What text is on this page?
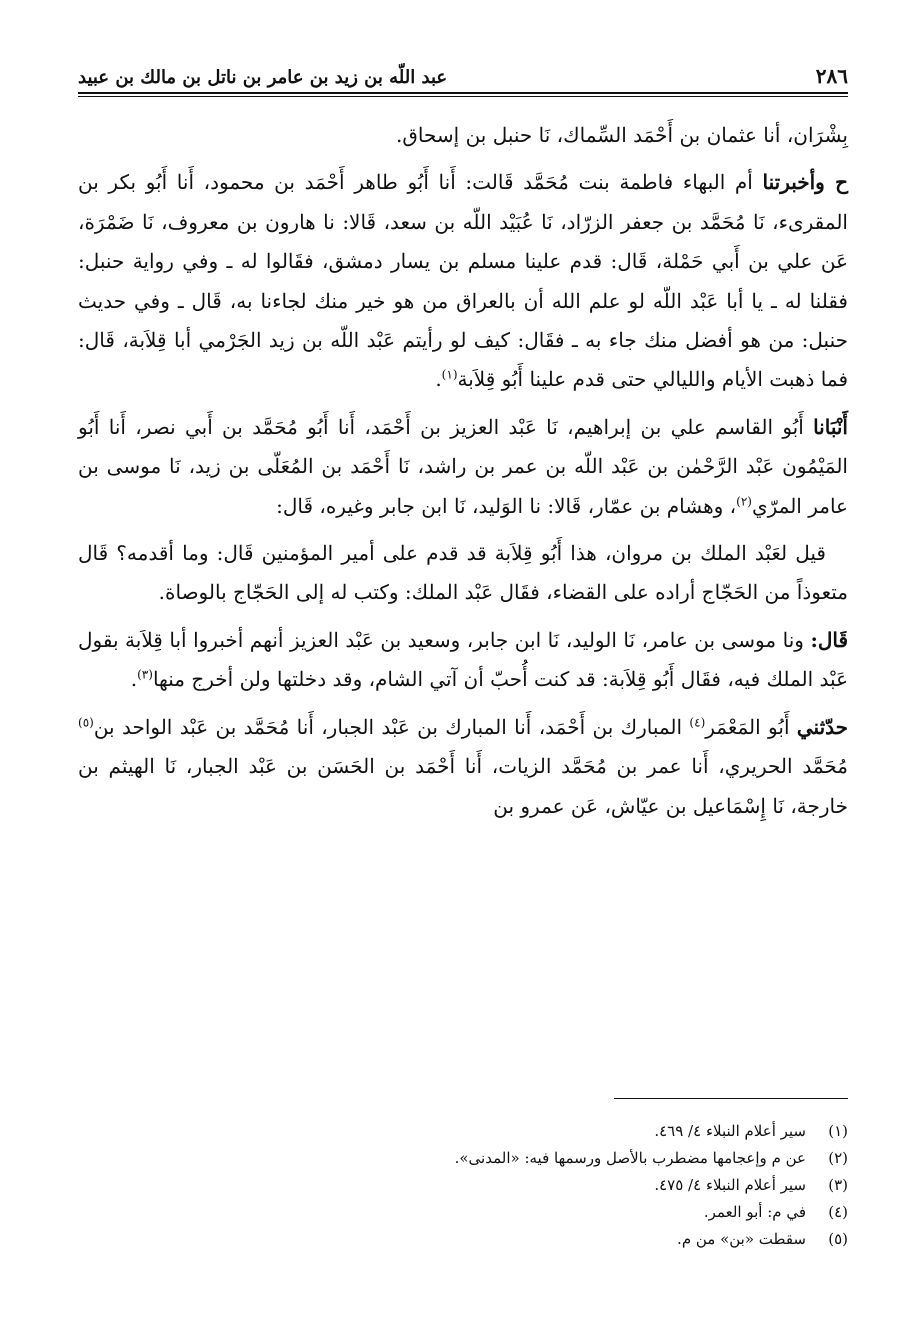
٢٨٦
عبد اللّه بن زيد بن عامر بن ناتل بن مالك بن عبيد

بِشْرَان، أنا عثمان بن أَحْمَد السِّماك، نَا حنبل بن إسحاق.

ح وأخبرتنا أم البهاء فاطمة بنت مُحَمَّد قَالت: أَنا أَبُو طاهر أَحْمَد بن محمود، أَنا أَبُو بكر بن المقرىء، نَا مُحَمَّد بن جعفر الزرّاد، نَا عُبَيْد اللّه بن سعد، قَالا: نا هارون بن معروف، نَا ضَمْرَة، عَن علي بن أَبي حَمْلة، قَال: قدم علينا مسلم بن يسار دمشق، فقَالوا له ـ وفي رواية حنبل: فقلنا له ـ يا أبا عَبْد اللّه لو علم الله أن بالعراق من هو خير منك لجاءنا به، قَال ـ وفي حديث حنبل: من هو أفضل منك جاء به ـ فقَال: كيف لو رأيتم عَبْد اللّه بن زيد الجَرْمي أبا قِلاَبة، قَال: فما ذهبت الأيام والليالي حتى قدم علينا أَبُو قِلاَبة$^{(١)}$.

أَنْبَانا أَبُو القاسم علي بن إبراهيم، نَا عَبْد العزيز بن أَحْمَد، أَنا أَبُو مُحَمَّد بن أَبي نصر، أَنا أَبُو المَيْمُون عَبْد الرَّحْمٰن بن عَبْد اللّه بن عمر بن راشد، نَا أَحْمَد بن المُعَلّى بن زيد، نَا موسى بن عامر المرّي$^{(٢)}$، وهشام بن عمّار، قَالا: نا الوَليد، نَا ابن جابر وغيره، قَال:

قيل لعَبْد الملك بن مروان، هذا أَبُو قِلاَبة قد قدم على أمير المؤمنين قَال: وما أقدمه؟ قَال متعوذاً من الحَجّاج أراده على القضاء، فقَال عَبْد الملك: وكتب له إلى الحَجّاج بالوصاة.

قَال: ونا موسى بن عامر، نَا الوليد، نَا ابن جابر، وسعيد بن عَبْد العزيز أنهم أخبروا أبا قِلاَبة بقول عَبْد الملك فيه، فقَال أَبُو قِلاَبة: قد كنت أُحبّ أن آتي الشام، وقد دخلتها ولن أخرج منها$^{(٣)}$.

حدّثني أَبُو المَعْمَر$^{(٤)}$ المبارك بن أَحْمَد، أَنا المبارك بن عَبْد الجبار، أَنا مُحَمَّد بن عَبْد الواحد بن$^{(٥)}$ مُحَمَّد الحريري، أَنا عمر بن مُحَمَّد الزيات، أَنا أَحْمَد بن الحَسَن بن عَبْد الجبار، نَا الهيثم بن خارجة، نَا إِسْمَاعيل بن عيّاش، عَن عمرو بن

(١)
سير أعلام النبلاء ٤/ ٤٦٩.
(٢)
عن م وإعجامها مضطرب بالأصل ورسمها فيه: «المدنى».
(٣)
سير أعلام النبلاء ٤/ ٤٧٥.
(٤)
في م: أبو العمر.
(٥)
سقطت «بن» من م.
